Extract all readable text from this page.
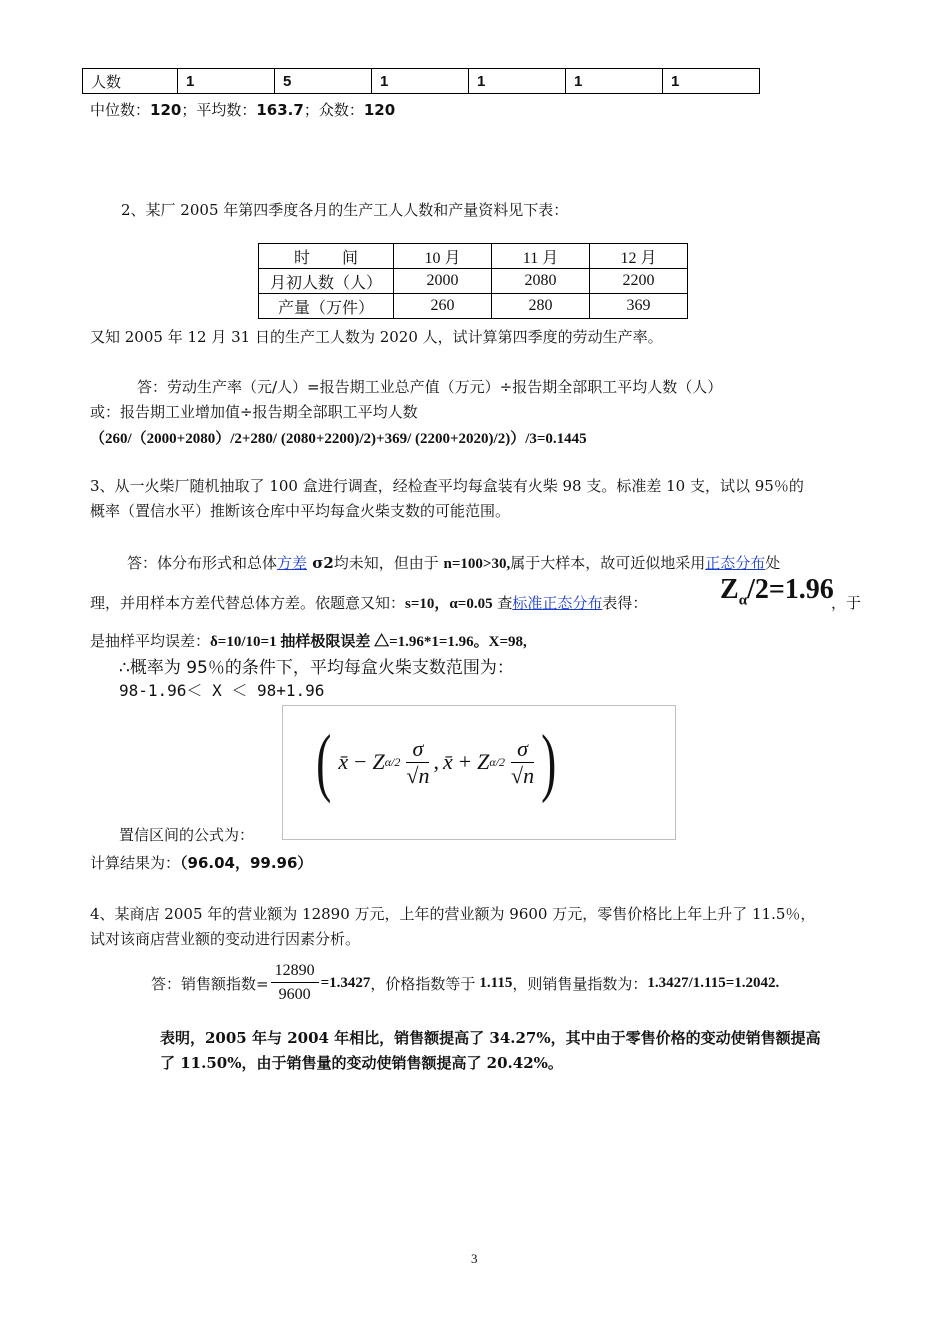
人数	1	5	1	1	1	1
中位数：120；平均数：163.7；众数：120
2、某厂 2005 年第四季度各月的生产工人人数和产量资料见下表：
时　　间	10 月	11 月	12 月
月初人数（人）	2000	2080	2200
产量（万件）	260	280	369
又知 2005 年 12 月 31 日的生产工人数为 2020 人，试计算第四季度的劳动生产率。
答：劳动生产率（元/人）=报告期工业总产值（万元）÷报告期全部职工平均人数（人）
或：报告期工业增加值÷报告期全部职工平均人数
（260/（2000+2080）/2+280/ (2080+2200)/2)+369/ (2200+2020)/2)）/3=0.1445
3、从一火柴厂随机抽取了 100 盒进行调查，经检查平均每盒装有火柴 98 支。标准差 10 支，试以 95％的
概率（置信水平）推断该仓库中平均每盒火柴支数的可能范围。
答：体分布形式和总体方差 σ2均未知，但由于 n=100>30,属于大样本，故可近似地采用正态分布处
理，并用样本方差代替总体方差。依题意又知：s=10，α=0.05 查标准正态分布表得：	$Z_\alpha/2=1.96$
，于
是抽样平均误差：δ=10/10=1 抽样极限误差 △=1.96*1=1.96。X=98,
∴概率为 95％的条件下，平均每盒火柴支数范围为：
98-1.96＜ X ＜ 98+1.96
( x̄ − Z $\alpha/2 \frac{\sigma}{√n}$ , x̄ + Z $\alpha/2 \frac{\sigma}{√n}$ )
置信区间的公式为：
计算结果为：（96.04，99.96）
4、某商店 2005 年的营业额为 12890 万元，上年的营业额为 9600 万元，零售价格比上年上升了 11.5％，
试对该商店营业额的变动进行因素分析。
答：销售额指数= $\frac{12890}{9600} =1.3427$ ，价格指数等于 1.115 ，则销售量指数为： 1.3427/1.115=1.2042.
表明，2005 年与 2004 年相比，销售额提高了 34.27%，其中由于零售价格的变动使销售额提高
了 11.50%，由于销售量的变动使销售额提高了 20.42%。
3
